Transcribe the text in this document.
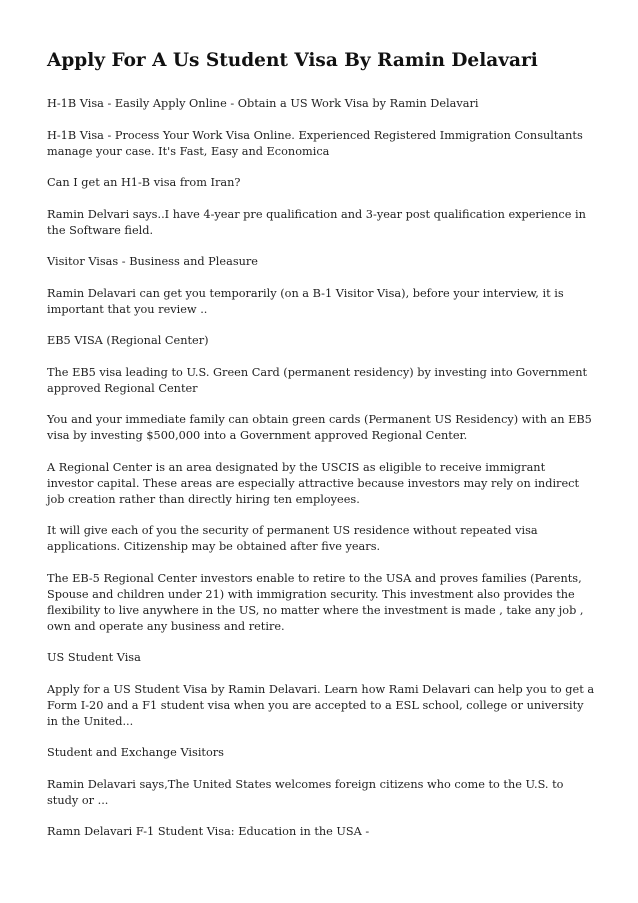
Apply For A Us Student Visa By Ramin Delavari

H-1B Visa - Easily Apply Online - Obtain a US Work Visa by Ramin Delavari

H-1B Visa - Process Your Work Visa Online. Experienced Registered Immigration Consultants manage your case. It's Fast, Easy and Economica

Can I get an H1-B visa from Iran?

Ramin Delvari says..I have 4-year pre qualification and 3-year post qualification experience in the Software field.

Visitor Visas - Business and Pleasure

Ramin Delavari can get you temporarily (on a B-1 Visitor Visa), before your interview, it is important that you review ..

EB5 VISA (Regional Center)

The EB5 visa leading to U.S. Green Card (permanent residency) by investing into Government approved Regional Center

You and your immediate family can obtain green cards (Permanent US Residency) with an EB5 visa by investing $500,000 into a Government approved Regional Center.

A Regional Center is an area designated by the USCIS as eligible to receive immigrant investor capital. These areas are especially attractive because investors may rely on indirect job creation rather than directly hiring ten employees.

It will give each of you the security of permanent US residence without repeated visa applications. Citizenship may be obtained after five years.

The EB-5 Regional Center investors enable to retire to the USA and proves families (Parents, Spouse and children under 21) with immigration security. This investment also provides the flexibility to live anywhere in the US, no matter where the investment is made , take any job , own and operate any business and retire.

US Student Visa

Apply for a US Student Visa by Ramin Delavari. Learn how Rami Delavari can help you to get a Form I-20 and a F1 student visa when you are accepted to a ESL school, college or university in the United...

Student and Exchange Visitors

Ramin Delavari says,The United States welcomes foreign citizens who come to the U.S. to study or ...

Ramn Delavari F-1 Student Visa: Education in the USA -
